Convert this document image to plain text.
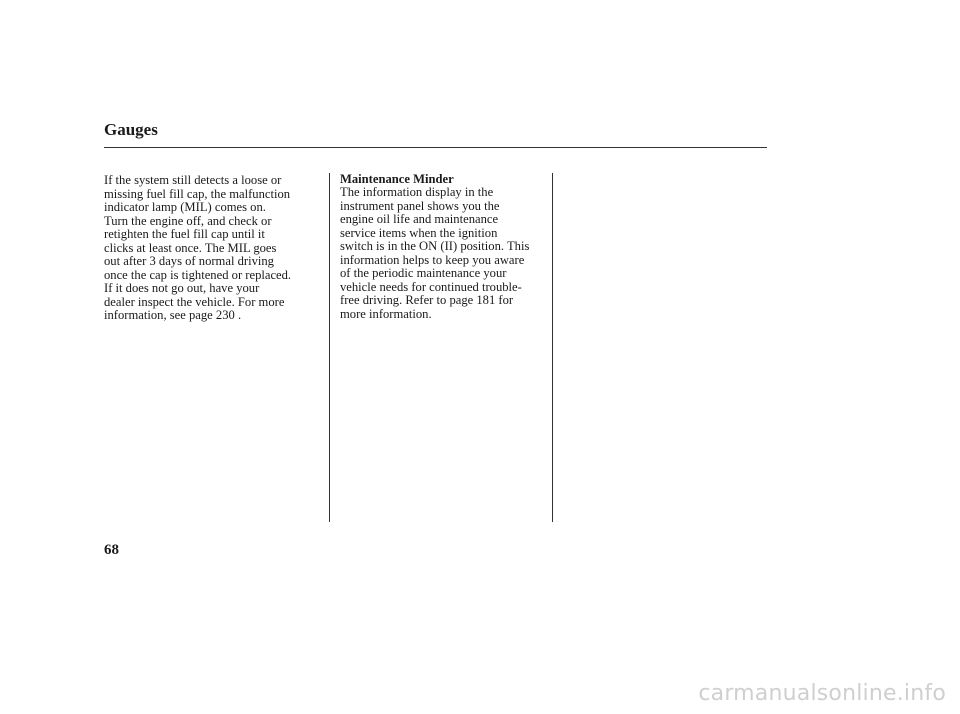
Gauges

If the system still detects a loose or
missing fuel fill cap, the malfunction
indicator lamp (MIL) comes on.
Turn the engine off, and check or
retighten the fuel fill cap until it
clicks at least once. The MIL goes
out after 3 days of normal driving
once the cap is tightened or replaced.
If it does not go out, have your
dealer inspect the vehicle. For more
information, see page 230 .

Maintenance Minder

The information display in the
instrument panel shows you the
engine oil life and maintenance
service items when the ignition
switch is in the ON (II) position. This
information helps to keep you aware
of the periodic maintenance your
vehicle needs for continued trouble-
free driving. Refer to page 181 for
more information.

68
carmanualsonline.info
